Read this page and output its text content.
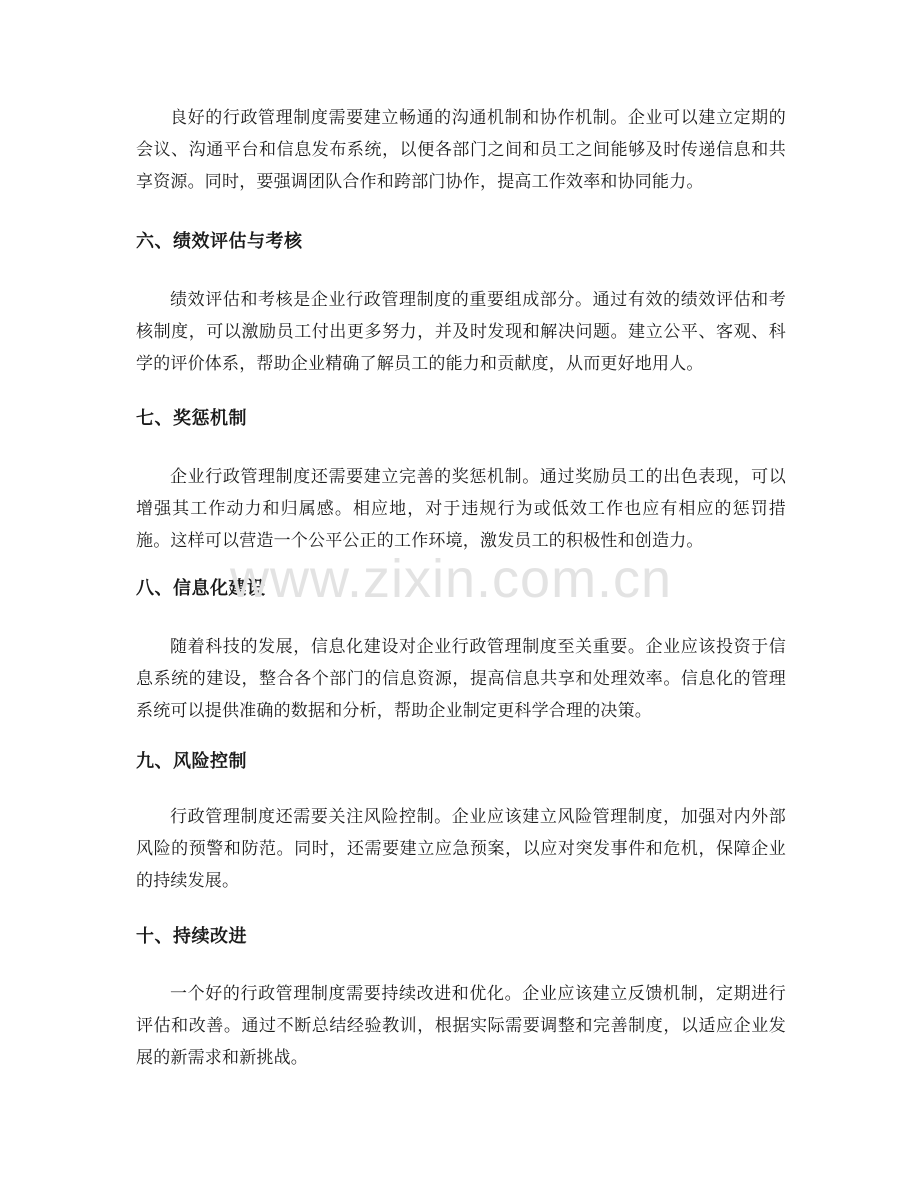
良好的行政管理制度需要建立畅通的沟通机制和协作机制。企业可以建立定期的会议、沟通平台和信息发布系统，以便各部门之间和员工之间能够及时传递信息和共享资源。同时，要强调团队合作和跨部门协作，提高工作效率和协同能力。

六、绩效评估与考核

绩效评估和考核是企业行政管理制度的重要组成部分。通过有效的绩效评估和考核制度，可以激励员工付出更多努力，并及时发现和解决问题。建立公平、客观、科学的评价体系，帮助企业精确了解员工的能力和贡献度，从而更好地用人。

七、奖惩机制

企业行政管理制度还需要建立完善的奖惩机制。通过奖励员工的出色表现，可以增强其工作动力和归属感。相应地，对于违规行为或低效工作也应有相应的惩罚措施。这样可以营造一个公平公正的工作环境，激发员工的积极性和创造力。

八、信息化建设

随着科技的发展，信息化建设对企业行政管理制度至关重要。企业应该投资于信息系统的建设，整合各个部门的信息资源，提高信息共享和处理效率。信息化的管理系统可以提供准确的数据和分析，帮助企业制定更科学合理的决策。

九、风险控制

行政管理制度还需要关注风险控制。企业应该建立风险管理制度，加强对内外部风险的预警和防范。同时，还需要建立应急预案，以应对突发事件和危机，保障企业的持续发展。

十、持续改进

一个好的行政管理制度需要持续改进和优化。企业应该建立反馈机制，定期进行评估和改善。通过不断总结经验教训，根据实际需要调整和完善制度，以适应企业发展的新需求和新挑战。

www.zixin.com.cn
